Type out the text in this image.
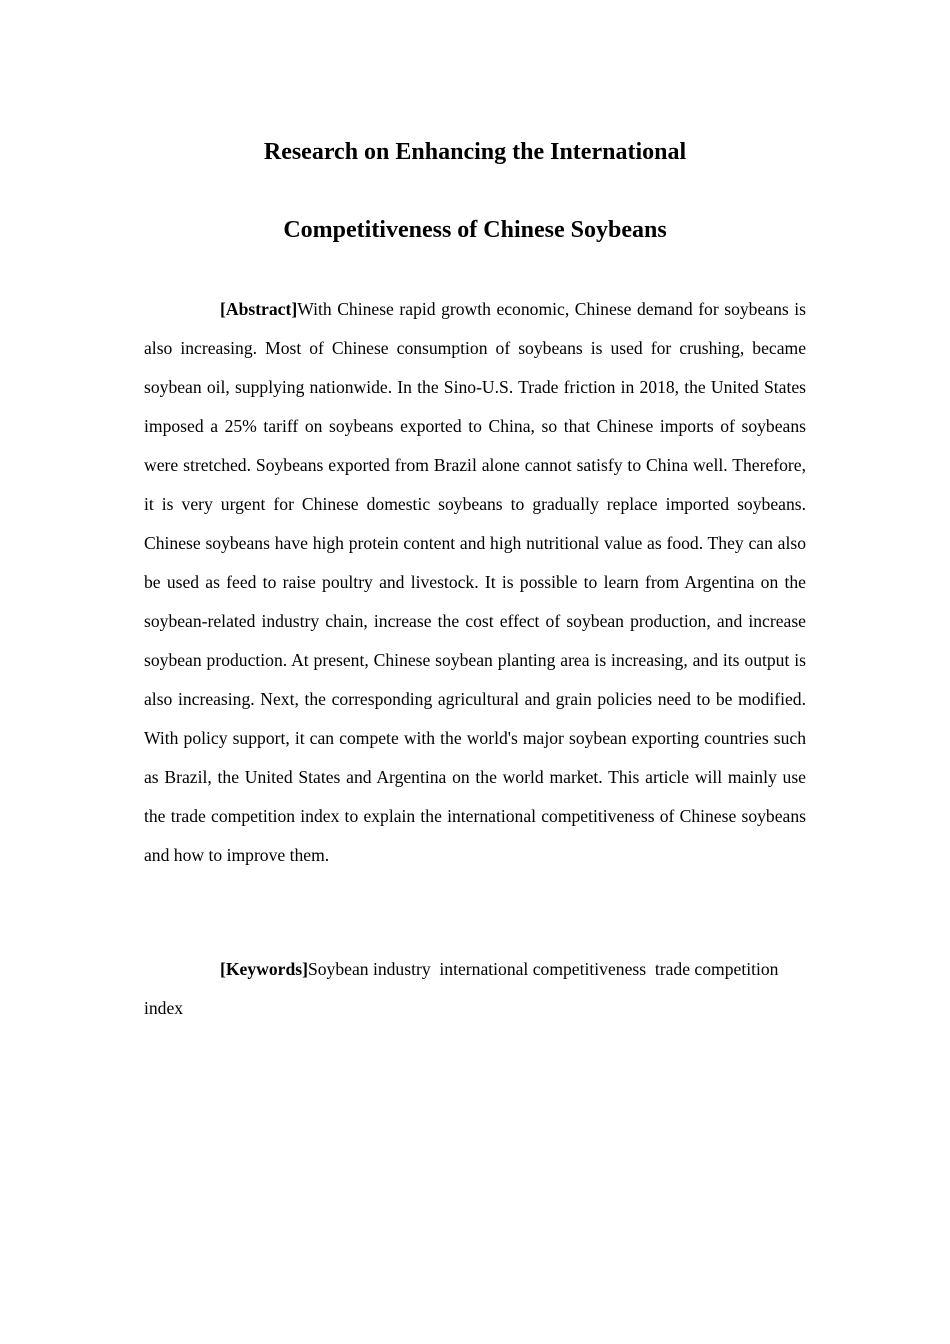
Research on Enhancing the International
Competitiveness of Chinese Soybeans

[Abstract]With Chinese rapid growth economic, Chinese demand for soybeans is also increasing. Most of Chinese consumption of soybeans is used for crushing, became soybean oil, supplying nationwide. In the Sino-U.S. Trade friction in 2018, the United States imposed a 25% tariff on soybeans exported to China, so that Chinese imports of soybeans were stretched. Soybeans exported from Brazil alone cannot satisfy to China well. Therefore, it is very urgent for Chinese domestic soybeans to gradually replace imported soybeans. Chinese soybeans have high protein content and high nutritional value as food. They can also be used as feed to raise poultry and livestock. It is possible to learn from Argentina on the soybean-related industry chain, increase the cost effect of soybean production, and increase soybean production. At present, Chinese soybean planting area is increasing, and its output is also increasing. Next, the corresponding agricultural and grain policies need to be modified. With policy support, it can compete with the world's major soybean exporting countries such as Brazil, the United States and Argentina on the world market. This article will mainly use the trade competition index to explain the international competitiveness of Chinese soybeans and how to improve them.

[Keywords]Soybean industry  international competitiveness  trade competition index
